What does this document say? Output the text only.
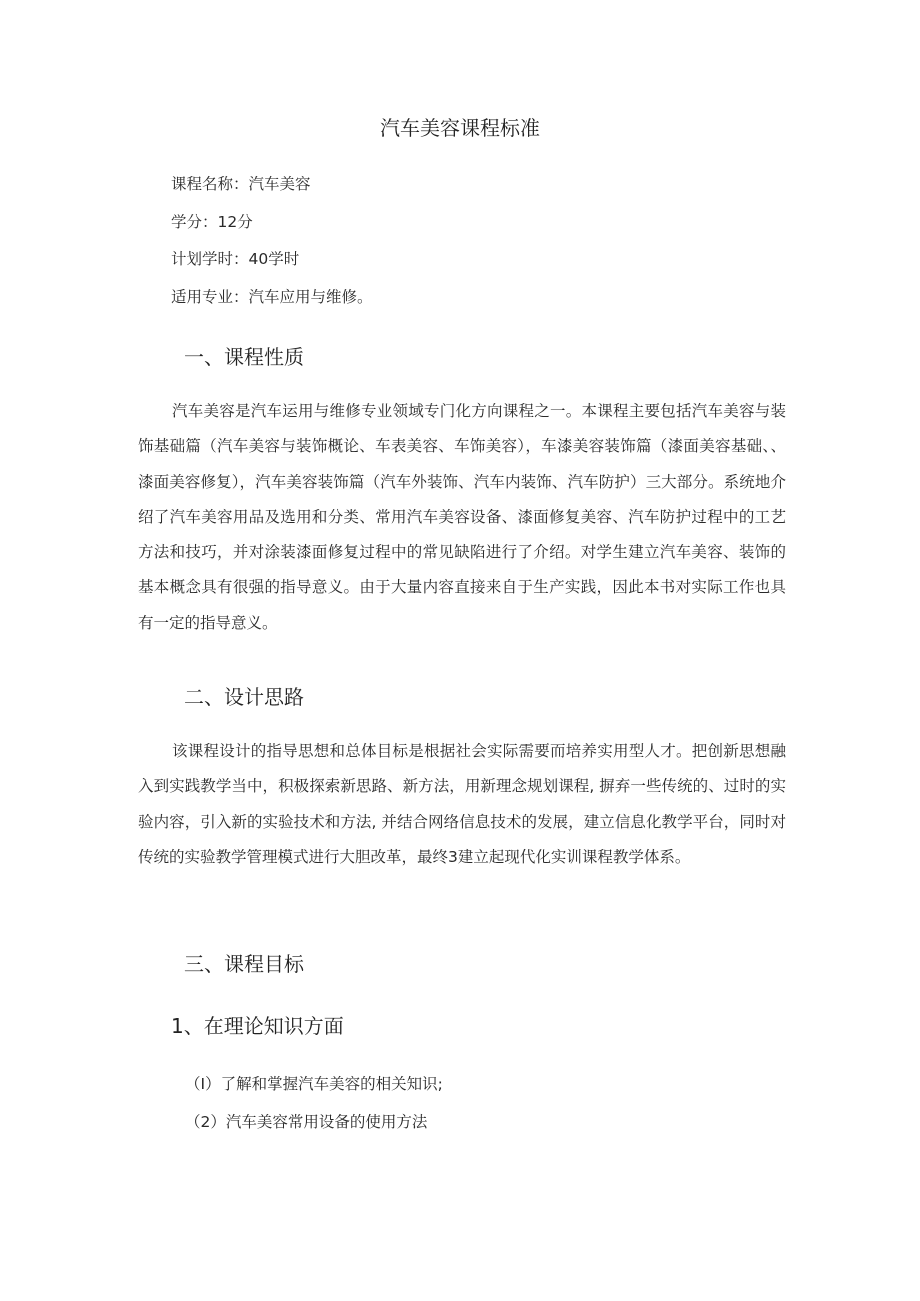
汽车美容课程标准
课程名称：汽车美容
学分：12分
计划学时：40学时
适用专业：汽车应用与维修。
一、课程性质

汽车美容是汽车运用与维修专业领域专门化方向课程之一。本课程主要包括汽车美容与装饰基础篇（汽车美容与装饰概论、车表美容、车饰美容），车漆美容装饰篇（漆面美容基础、、漆面美容修复），汽车美容装饰篇（汽车外装饰、汽车内装饰、汽车防护）三大部分。系统地介绍了汽车美容用品及选用和分类、常用汽车美容设备、漆面修复美容、汽车防护过程中的工艺方法和技巧，并对涂装漆面修复过程中的常见缺陷进行了介绍。对学生建立汽车美容、装饰的基本概念具有很强的指导意义。由于大量内容直接来自于生产实践，因此本书对实际工作也具有一定的指导意义。

二、设计思路

该课程设计的指导思想和总体目标是根据社会实际需要而培养实用型人才。把创新思想融入到实践教学当中，积极探索新思路、新方法，用新理念规划课程, 摒弃一些传统的、过时的实验内容，引入新的实验技术和方法, 并结合网络信息技术的发展，建立信息化教学平台，同时对传统的实验教学管理模式进行大胆改革，最终3建立起现代化实训课程教学体系。

三、课程目标
1、在理论知识方面
（I）了解和掌握汽车美容的相关知识;
（2）汽车美容常用设备的使用方法
